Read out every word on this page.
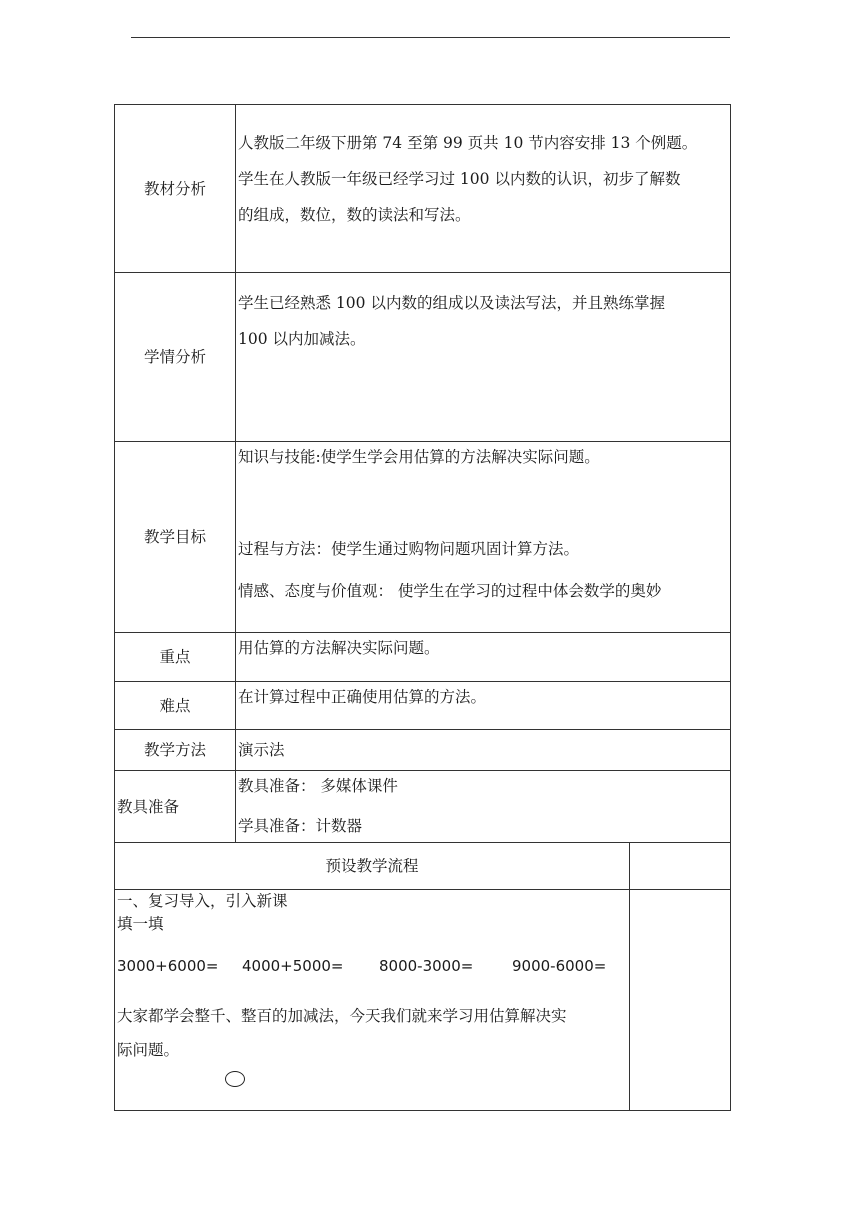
教材分析	人教版二年级下册第 74 至第 99 页共 10 节内容安排 13 个例题。

学生在人教版一年级已经学习过 100 以内数的认识，初步了解数

的组成，数位，数的读法和写法。	

学情分析	学生已经熟悉 100 以内数的组成以及读法写法，并且熟练掌握

100 以内加减法。	

教学目标	知识与技能:使学生学会用估算的方法解决实际问题。

过程与方法：使学生通过购物问题巩固计算方法。

情感、态度与价值观： 使学生在学习的过程中体会数学的奥妙	

重点	用估算的方法解决实际问题。	
难点	在计算过程中正确使用估算的方法。	
教学方法	演示法	
教具准备	教具准备： 多媒体课件

学具准备：计数器	

预设教学流程		

一、复习导入，引入新课

填一填

3000+6000= 4000+5000= 8000-3000= 9000-6000=

大家都学会整千、整百的加减法，今天我们就来学习用估算解决实

际问题。		
